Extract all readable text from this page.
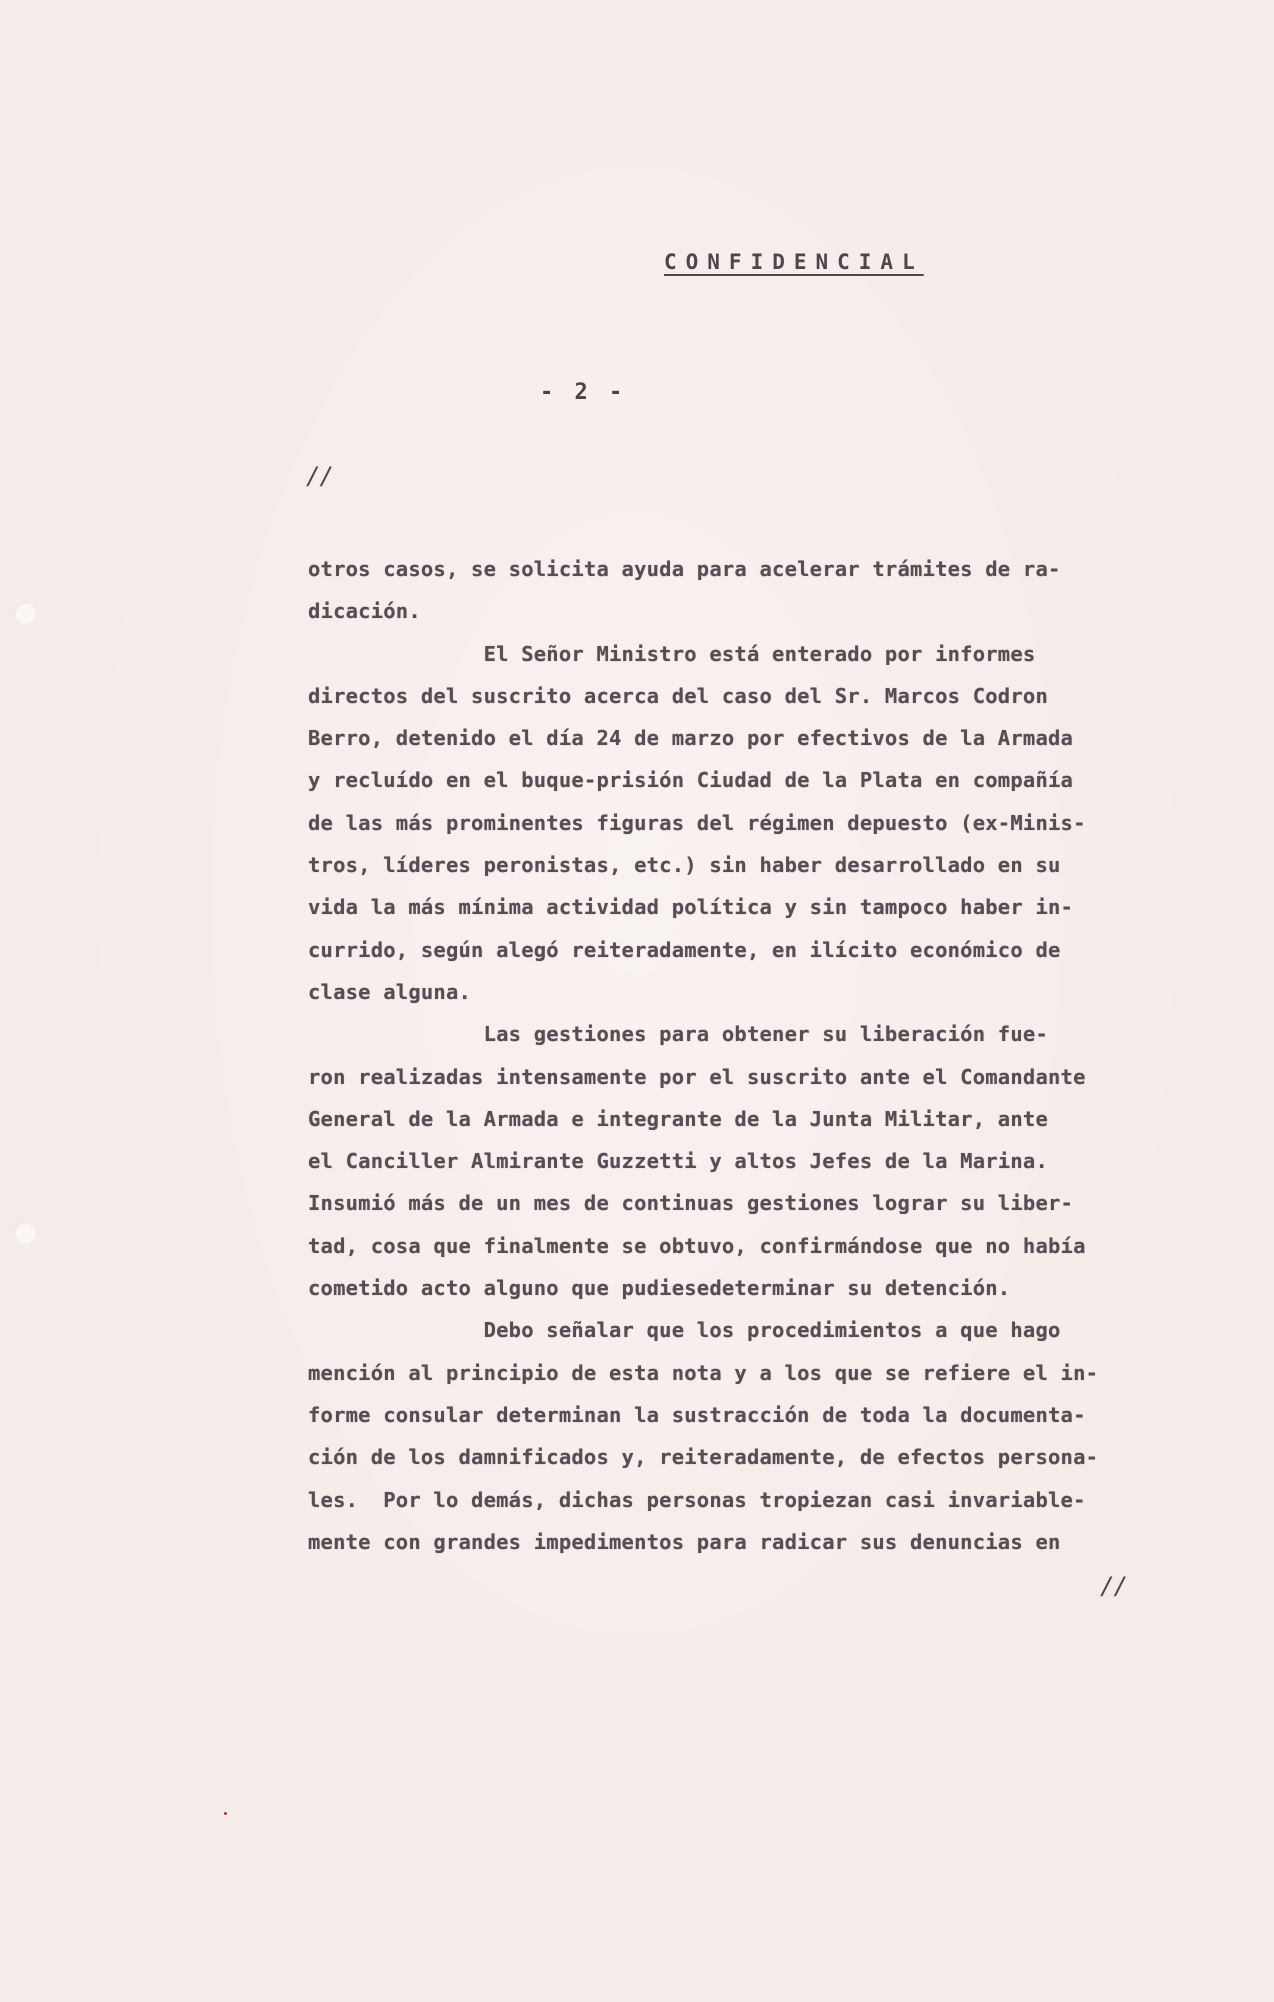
CONFIDENCIAL
- 2 -
//
otros casos, se solicita ayuda para acelerar trámites de ra-
dicación.
El Señor Ministro está enterado por informes
directos del suscrito acerca del caso del Sr. Marcos Codron
Berro, detenido el día 24 de marzo por efectivos de la Armada
y recluído en el buque-prisión Ciudad de la Plata en compañía
de las más prominentes figuras del régimen depuesto (ex-Minis-
tros, líderes peronistas, etc.) sin haber desarrollado en su
vida la más mínima actividad política y sin tampoco haber in-
currido, según alegó reiteradamente, en ilícito económico de
clase alguna.
Las gestiones para obtener su liberación fue-
ron realizadas intensamente por el suscrito ante el Comandante
General de la Armada e integrante de la Junta Militar, ante
el Canciller Almirante Guzzetti y altos Jefes de la Marina.
Insumió más de un mes de continuas gestiones lograr su liber-
tad, cosa que finalmente se obtuvo, confirmándose que no había
cometido acto alguno que pudiesedeterminar su detención.
Debo señalar que los procedimientos a que hago
mención al principio de esta nota y a los que se refiere el in-
forme consular determinan la sustracción de toda la documenta-
ción de los damnificados y, reiteradamente, de efectos persona-
les.  Por lo demás, dichas personas tropiezan casi invariable-
mente con grandes impedimentos para radicar sus denuncias en
//
